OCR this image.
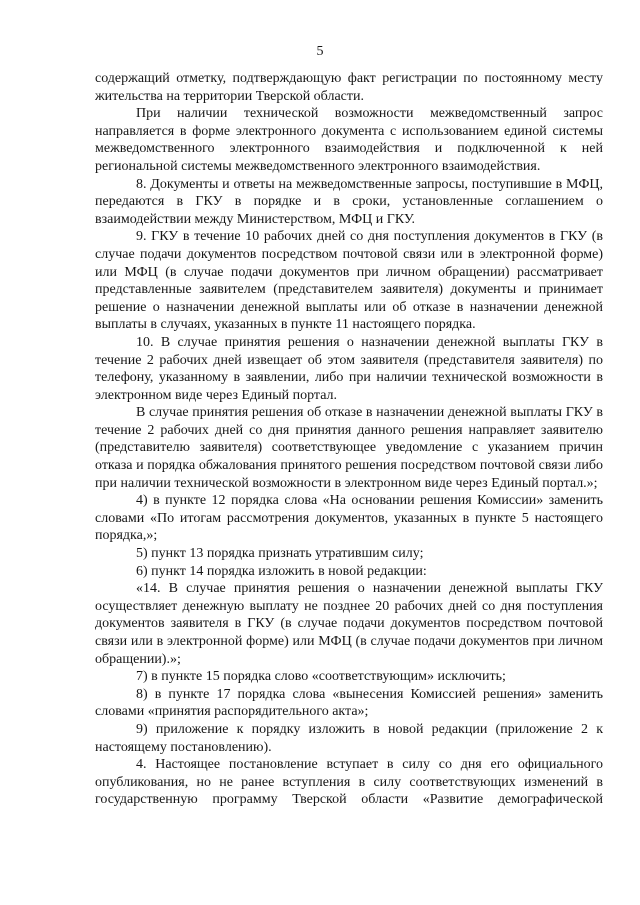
5

содержащий отметку, подтверждающую факт регистрации по постоянному месту жительства на территории Тверской области.

При наличии технической возможности межведомственный запрос направляется в форме электронного документа с использованием единой системы межведомственного электронного взаимодействия и подключенной к ней региональной системы межведомственного электронного взаимодействия.

8. Документы и ответы на межведомственные запросы, поступившие в МФЦ, передаются в ГКУ в порядке и в сроки, установленные соглашением о взаимодействии между Министерством, МФЦ и ГКУ.

9. ГКУ в течение 10 рабочих дней со дня поступления документов в ГКУ (в случае подачи документов посредством почтовой связи или в электронной форме) или МФЦ (в случае подачи документов при личном обращении) рассматривает представленные заявителем (представителем заявителя) документы и принимает решение о назначении денежной выплаты или об отказе в назначении денежной выплаты в случаях, указанных в пункте 11 настоящего порядка.

10. В случае принятия решения о назначении денежной выплаты ГКУ в течение 2 рабочих дней извещает об этом заявителя (представителя заявителя) по телефону, указанному в заявлении, либо при наличии технической возможности в электронном виде через Единый портал.

В случае принятия решения об отказе в назначении денежной выплаты ГКУ в течение 2 рабочих дней со дня принятия данного решения направляет заявителю (представителю заявителя) соответствующее уведомление с указанием причин отказа и порядка обжалования принятого решения посредством почтовой связи либо при наличии технической возможности в электронном виде через Единый портал.»;

4) в пункте 12 порядка слова «На основании решения Комиссии» заменить словами «По итогам рассмотрения документов, указанных в пункте 5 настоящего порядка,»;

5) пункт 13 порядка признать утратившим силу;

6) пункт 14 порядка изложить в новой редакции:

«14. В случае принятия решения о назначении денежной выплаты ГКУ осуществляет денежную выплату не позднее 20 рабочих дней со дня поступления документов заявителя в ГКУ (в случае подачи документов посредством почтовой связи или в электронной форме) или МФЦ (в случае подачи документов при личном обращении).»;

7) в пункте 15 порядка слово «соответствующим» исключить;

8) в пункте 17 порядка слова «вынесения Комиссией решения» заменить словами «принятия распорядительного акта»;

9) приложение к порядку изложить в новой редакции (приложение 2 к настоящему постановлению).

4. Настоящее постановление вступает в силу со дня его официального опубликования, но не ранее вступления в силу соответствующих изменений в государственную программу Тверской области «Развитие демографической
